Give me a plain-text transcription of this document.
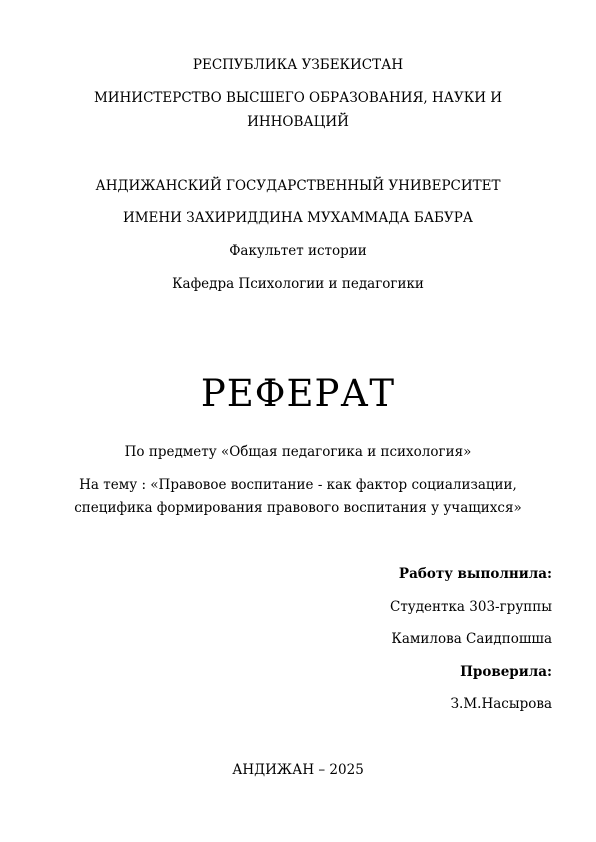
РЕСПУБЛИКА УЗБЕКИСТАН
МИНИСТЕРСТВО ВЫСШЕГО ОБРАЗОВАНИЯ, НАУКИ И
ИННОВАЦИЙ
АНДИЖАНСКИЙ ГОСУДАРСТВЕННЫЙ УНИВЕРСИТЕТ
ИМЕНИ ЗАХИРИДДИНА МУХАММАДА БАБУРА
Факультет истории
Кафедра Психологии и педагогики
РЕФЕРАТ
По предмету «Общая педагогика и психология»
На тему : «Правовое воспитание - как фактор социализации,
специфика формирования правового воспитания у учащихся»
Работу выполнила:
Студентка 303-группы
Камилова Саидпошша
Проверила:
З.М.Насырова
АНДИЖАН – 2025
